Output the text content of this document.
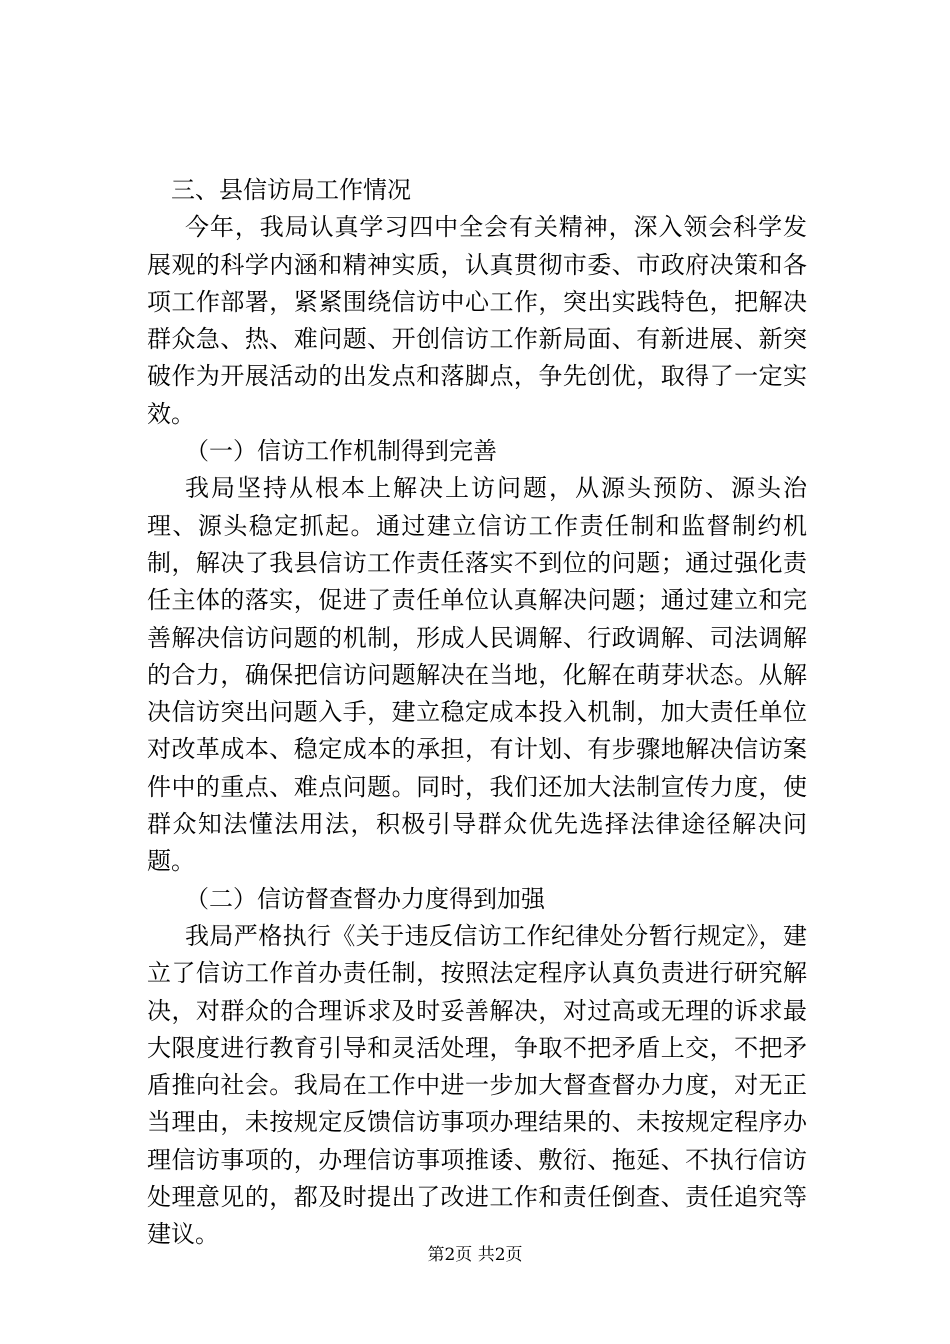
三、县信访局工作情况

今年，我局认真学习四中全会有关精神，深入领会科学发展观的科学内涵和精神实质，认真贯彻市委、市政府决策和各项工作部署，紧紧围绕信访中心工作，突出实践特色，把解决群众急、热、难问题、开创信访工作新局面、有新进展、新突破作为开展活动的出发点和落脚点，争先创优，取得了一定实效。

（一）信访工作机制得到完善

我局坚持从根本上解决上访问题，从源头预防、源头治理、源头稳定抓起。通过建立信访工作责任制和监督制约机制，解决了我县信访工作责任落实不到位的问题；通过强化责任主体的落实，促进了责任单位认真解决问题；通过建立和完善解决信访问题的机制，形成人民调解、行政调解、司法调解的合力，确保把信访问题解决在当地，化解在萌芽状态。从解决信访突出问题入手，建立稳定成本投入机制，加大责任单位对改革成本、稳定成本的承担，有计划、有步骤地解决信访案件中的重点、难点问题。同时，我们还加大法制宣传力度，使群众知法懂法用法，积极引导群众优先选择法律途径解决问题。

（二）信访督查督办力度得到加强

我局严格执行《关于违反信访工作纪律处分暂行规定》，建立了信访工作首办责任制，按照法定程序认真负责进行研究解决，对群众的合理诉求及时妥善解决，对过高或无理的诉求最大限度进行教育引导和灵活处理，争取不把矛盾上交，不把矛盾推向社会。我局在工作中进一步加大督查督办力度，对无正当理由，未按规定反馈信访事项办理结果的、未按规定程序办理信访事项的，办理信访事项推诿、敷衍、拖延、不执行信访处理意见的，都及时提出了改进工作和责任倒查、责任追究等建议。

第2页 共2页
